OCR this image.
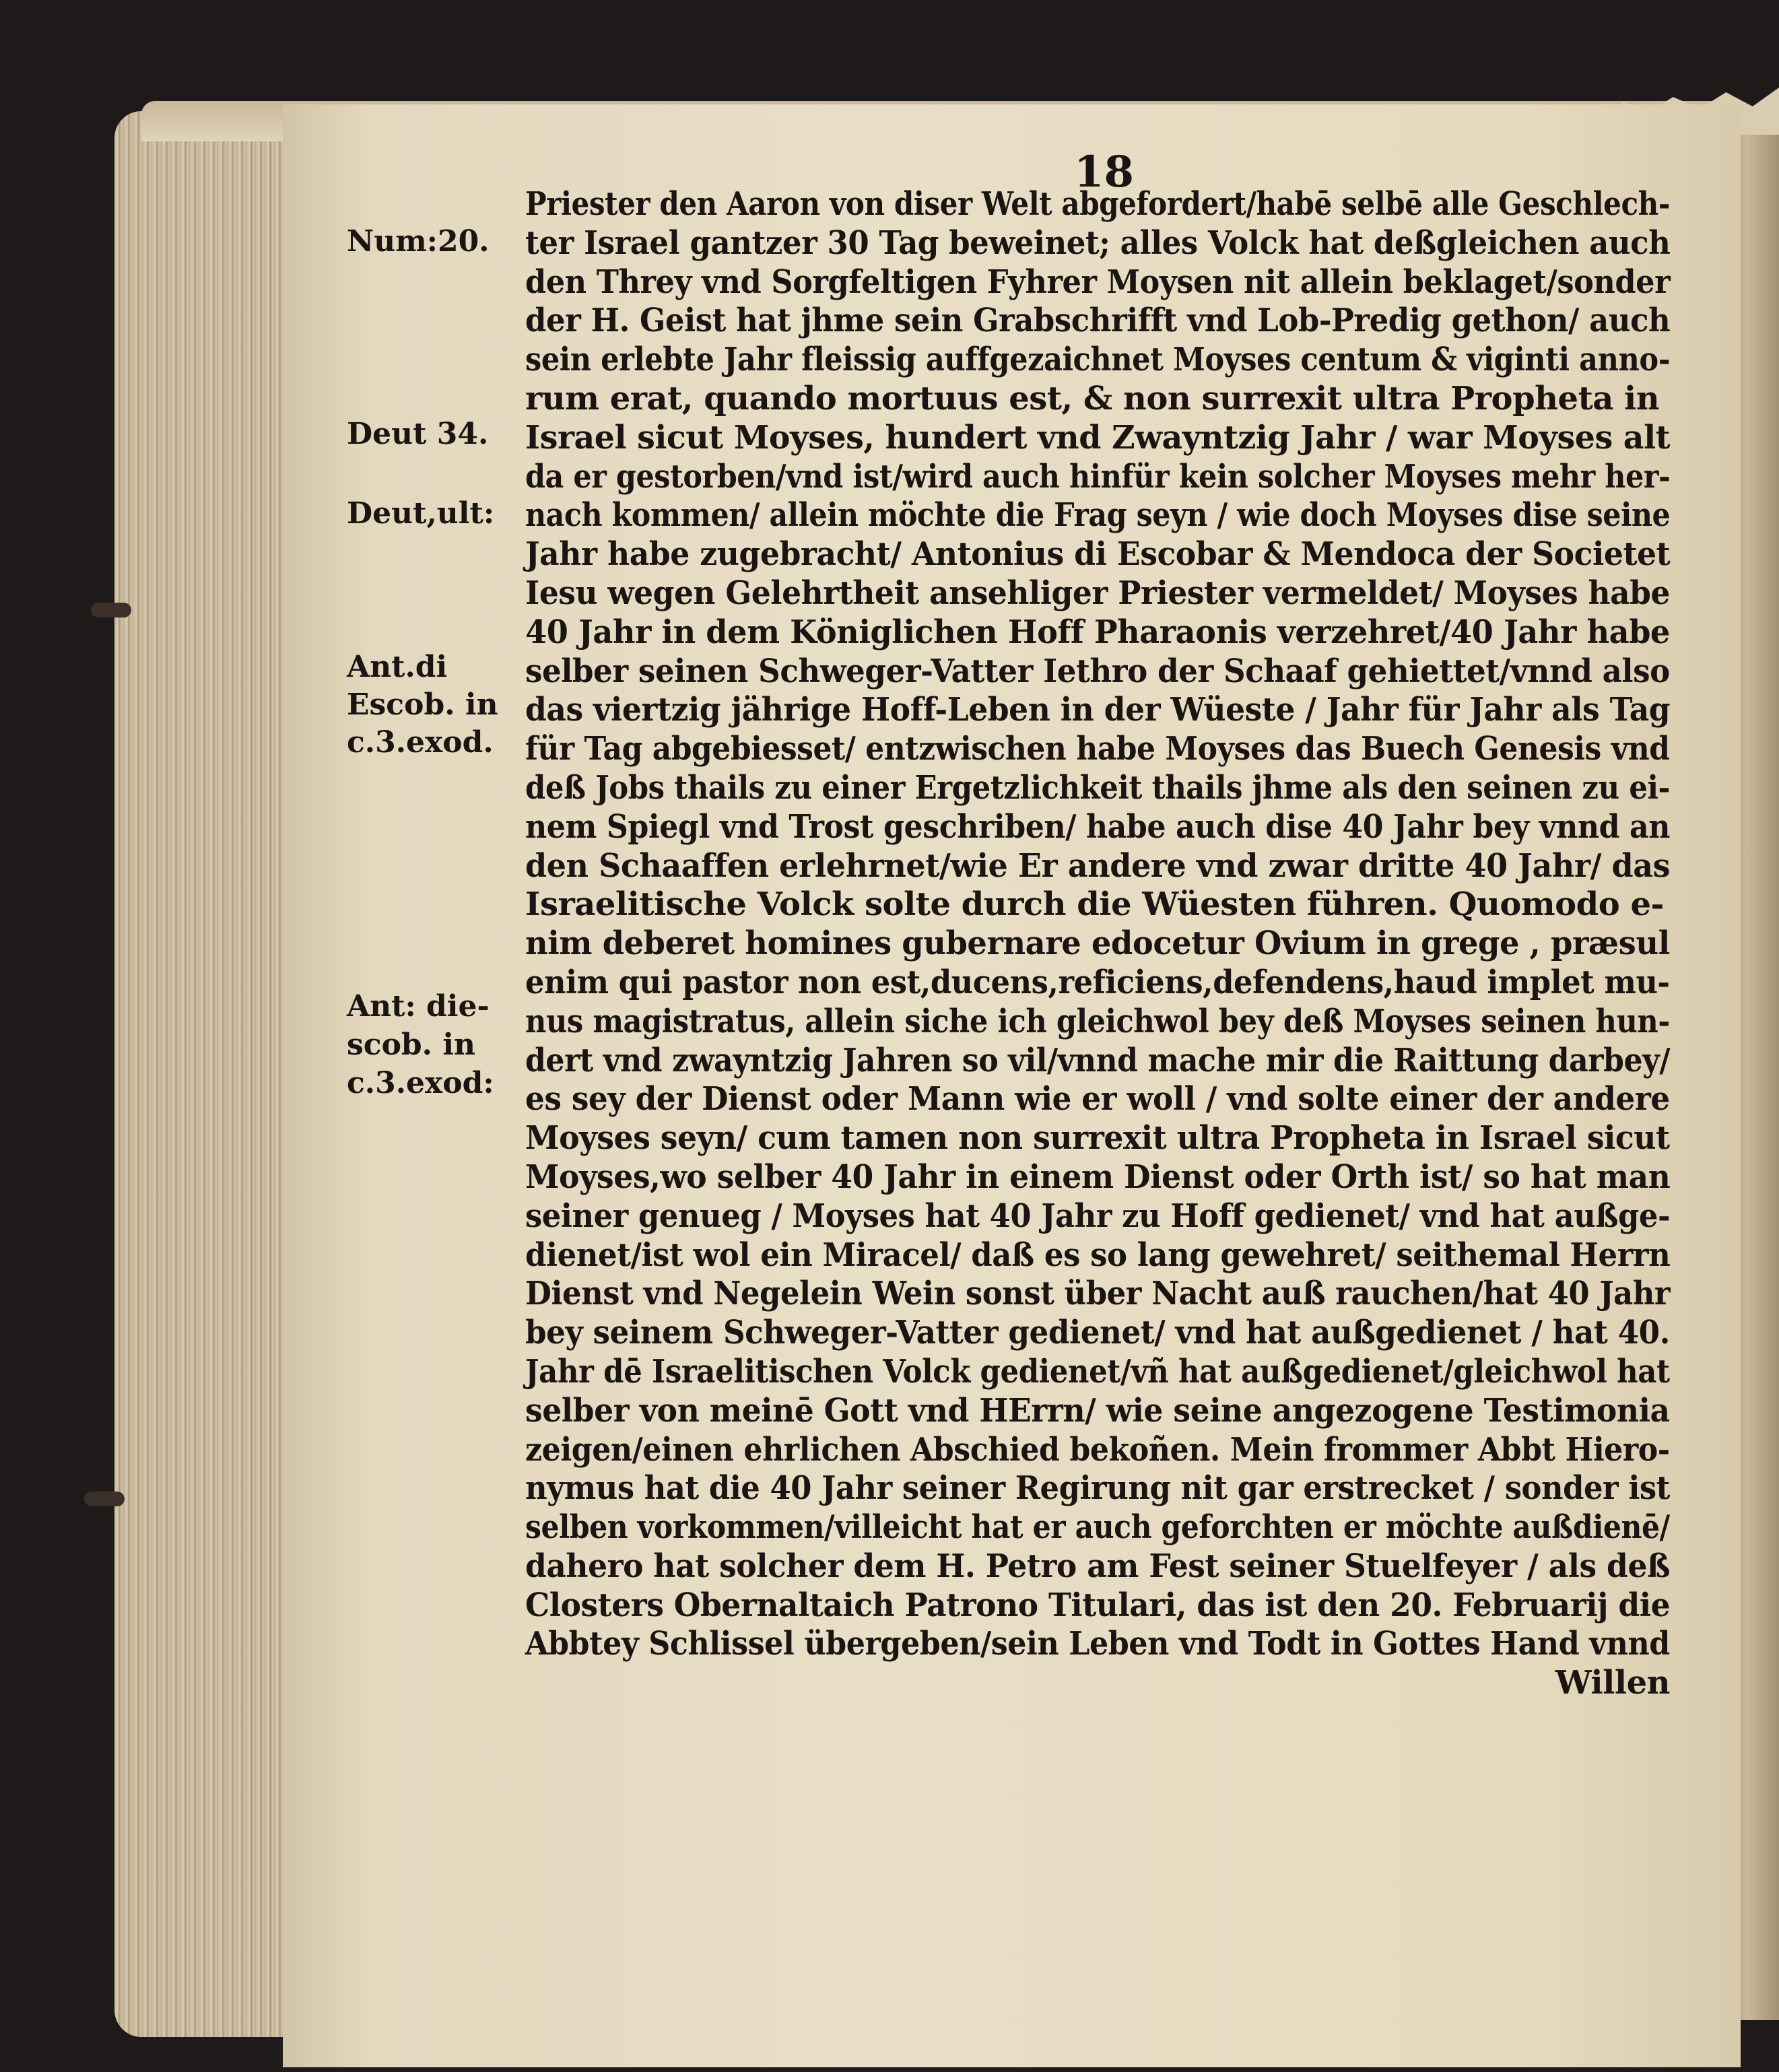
18
Num:20.
Deut 34.
Deut,ult:
Ant.di
Escob. in
c.3.exod.
Ant: die-
scob. in
c.3.exod:
Priester den Aaron von diser Welt abgefordert/habē selbē alle Geschlech-
ter Israel gantzer 30 Tag beweinet; alles Volck hat deßgleichen auch
den Threy vnd Sorgfeltigen Fyhrer Moysen nit allein beklaget/sonder
der H. Geist hat jhme sein Grabschrifft vnd Lob-Predig gethon/ auch
sein erlebte Jahr fleissig auffgezaichnet Moyses centum & viginti anno-
rum erat, quando mortuus est, & non surrexit ultra Propheta in
Israel sicut Moyses, hundert vnd Zwayntzig Jahr / war Moyses alt
da er gestorben/vnd ist/wird auch hinfür kein solcher Moyses mehr her-
nach kommen/ allein möchte die Frag seyn / wie doch Moyses dise seine
Jahr habe zugebracht/ Antonius di Escobar & Mendoca der Societet
Iesu wegen Gelehrtheit ansehliger Priester vermeldet/ Moyses habe
40 Jahr in dem Königlichen Hoff Pharaonis verzehret/40 Jahr habe
selber seinen Schweger-Vatter Iethro der Schaaf gehiettet/vnnd also
das viertzig jährige Hoff-Leben in der Wüeste / Jahr für Jahr als Tag
für Tag abgebiesset/ entzwischen habe Moyses das Buech Genesis vnd
deß Jobs thails zu einer Ergetzlichkeit thails jhme als den seinen zu ei-
nem Spiegl vnd Trost geschriben/ habe auch dise 40 Jahr bey vnnd an
den Schaaffen erlehrnet/wie Er andere vnd zwar dritte 40 Jahr/ das
Israelitische Volck solte durch die Wüesten führen. Quomodo e-
nim deberet homines gubernare edocetur Ovium in grege , præsul
enim qui pastor non est,ducens,reficiens,defendens,haud implet mu-
nus magistratus, allein siche ich gleichwol bey deß Moyses seinen hun-
dert vnd zwayntzig Jahren so vil/vnnd mache mir die Raittung darbey/
es sey der Dienst oder Mann wie er woll / vnd solte einer der andere
Moyses seyn/ cum tamen non surrexit ultra Propheta in Israel sicut
Moyses,wo selber 40 Jahr in einem Dienst oder Orth ist/ so hat man
seiner genueg / Moyses hat 40 Jahr zu Hoff gedienet/ vnd hat außge-
dienet/ist wol ein Miracel/ daß es so lang gewehret/ seithemal Herrn
Dienst vnd Negelein Wein sonst über Nacht auß rauchen/hat 40 Jahr
bey seinem Schweger-Vatter gedienet/ vnd hat außgedienet / hat 40.
Jahr dē Israelitischen Volck gedienet/vñ hat außgedienet/gleichwol hat
selber von meinē Gott vnd HErrn/ wie seine angezogene Testimonia
zeigen/einen ehrlichen Abschied bekoñen. Mein frommer Abbt Hiero-
nymus hat die 40 Jahr seiner Regirung nit gar erstrecket / sonder ist
selben vorkommen/villeicht hat er auch geforchten er möchte außdienē/
dahero hat solcher dem H. Petro am Fest seiner Stuelfeyer / als deß
Closters Obernaltaich Patrono Titulari, das ist den 20. Februarij die
Abbtey Schlissel übergeben/sein Leben vnd Todt in Gottes Hand vnnd
Willen
